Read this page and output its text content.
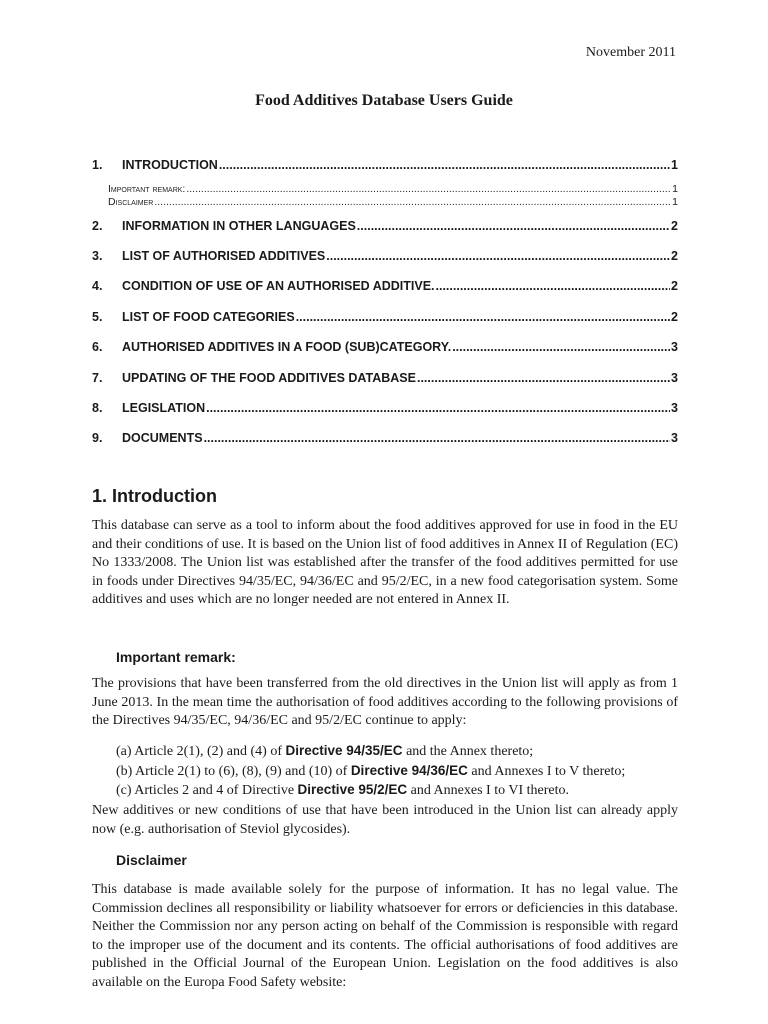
November 2011
Food Additives Database Users Guide
1.	INTRODUCTION .....	1
Important remark: .....	1
Disclaimer .....	1
2.	INFORMATION IN OTHER LANGUAGES .....	2
3.	LIST OF AUTHORISED ADDITIVES .....	2
4.	CONDITION OF USE OF AN AUTHORISED ADDITIVE. .....	2
5.	LIST OF FOOD CATEGORIES .....	2
6.	AUTHORISED ADDITIVES IN A FOOD (SUB)CATEGORY. .....	3
7.	UPDATING OF THE FOOD ADDITIVES DATABASE .....	3
8.	LEGISLATION .....	3
9.	DOCUMENTS .....	3
1. Introduction

This database can serve as a tool to inform about the food additives approved for use in food in the EU and their conditions of use. It is based on the Union list of food additives in Annex II of Regulation (EC) No 1333/2008. The Union list was established after the transfer of the food additives permitted for use in foods under Directives 94/35/EC, 94/36/EC and 95/2/EC, in a new food categorisation system. Some additives and uses which are no longer needed are not entered in Annex II.

Important remark:

The provisions that have been transferred from the old directives in the Union list will apply as from 1 June 2013. In the mean time the authorisation of food additives according to the following provisions of the Directives 94/35/EC, 94/36/EC and 95/2/EC continue to apply:

(a) Article 2(1), (2) and (4) of Directive 94/35/EC and the Annex thereto;
(b) Article 2(1) to (6), (8), (9) and (10) of Directive 94/36/EC and Annexes I to V thereto;
(c) Articles 2 and 4 of Directive Directive 95/2/EC and Annexes I to VI thereto.

New additives or new conditions of use that have been introduced in the Union list can already apply now (e.g. authorisation of Steviol glycosides).

Disclaimer

This database is made available solely for the purpose of information. It has no legal value. The Commission declines all responsibility or liability whatsoever for errors or deficiencies in this database. Neither the Commission nor any person acting on behalf of the Commission is responsible with regard to the improper use of the document and its contents. The official authorisations of food additives are published in the Official Journal of the European Union. Legislation on the food additives is also available on the Europa Food Safety website:
